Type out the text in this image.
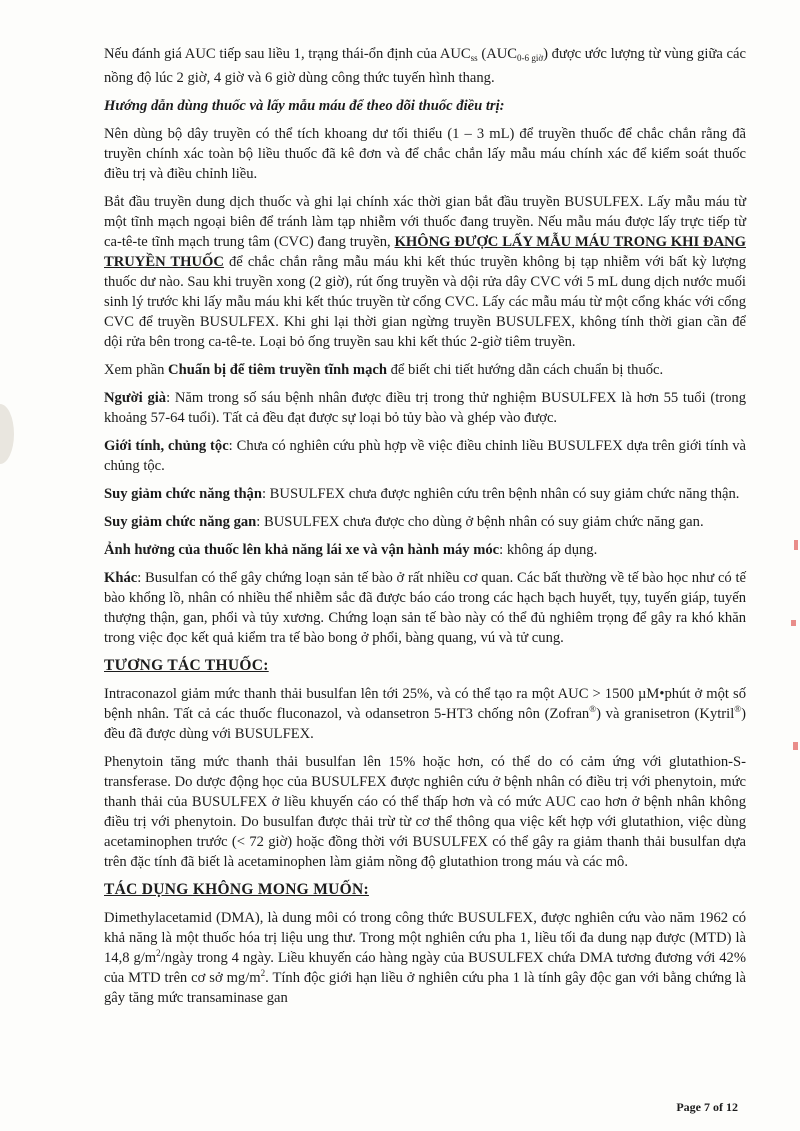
Nếu đánh giá AUC tiếp sau liều 1, trạng thái-ổn định của $AUC_{ss}$ $(AUC_{0-6 giờ})$ được ước lượng từ vùng giữa các nồng độ lúc 2 giờ, 4 giờ và 6 giờ dùng công thức tuyến hình thang.

Hướng dẫn dùng thuốc và lấy mẫu máu để theo dõi thuốc điều trị:

Nên dùng bộ dây truyền có thể tích khoang dư tối thiểu (1 – 3 mL) để truyền thuốc để chắc chắn rằng đã truyền chính xác toàn bộ liều thuốc đã kê đơn và để chắc chắn lấy mẫu máu chính xác để kiểm soát thuốc điều trị và điều chỉnh liều.

Bắt đầu truyền dung dịch thuốc và ghi lại chính xác thời gian bắt đầu truyền BUSULFEX. Lấy mẫu máu từ một tĩnh mạch ngoại biên để tránh làm tạp nhiễm với thuốc đang truyền. Nếu mẫu máu được lấy trực tiếp từ ca-tê-te tĩnh mạch trung tâm (CVC) đang truyền, KHÔNG ĐƯỢC LẤY MẪU MÁU TRONG KHI ĐANG TRUYỀN THUỐC để chắc chắn rằng mẫu máu khi kết thúc truyền không bị tạp nhiễm với bất kỳ lượng thuốc dư nào. Sau khi truyền xong (2 giờ), rút ống truyền và dội rửa dây CVC với 5 mL dung dịch nước muối sinh lý trước khi lấy mẫu máu khi kết thúc truyền từ cổng CVC. Lấy các mẫu máu từ một cổng khác với cổng CVC để truyền BUSULFEX. Khi ghi lại thời gian ngừng truyền BUSULFEX, không tính thời gian cần để dội rửa bên trong ca-tê-te. Loại bỏ ống truyền sau khi kết thúc 2-giờ tiêm truyền.

Xem phần Chuẩn bị để tiêm truyền tĩnh mạch để biết chi tiết hướng dẫn cách chuẩn bị thuốc.

Người già: Năm trong số sáu bệnh nhân được điều trị trong thử nghiệm BUSULFEX là hơn 55 tuổi (trong khoảng 57-64 tuổi). Tất cả đều đạt được sự loại bỏ tủy bào và ghép vào được.

Giới tính, chủng tộc: Chưa có nghiên cứu phù hợp về việc điều chỉnh liều BUSULFEX dựa trên giới tính và chủng tộc.

Suy giảm chức năng thận: BUSULFEX chưa được nghiên cứu trên bệnh nhân có suy giảm chức năng thận.

Suy giảm chức năng gan: BUSULFEX chưa được cho dùng ở bệnh nhân có suy giảm chức năng gan.

Ảnh hưởng của thuốc lên khả năng lái xe và vận hành máy móc: không áp dụng.

Khác: Busulfan có thể gây chứng loạn sản tế bào ở rất nhiều cơ quan. Các bất thường về tế bào học như có tế bào khổng lồ, nhân có nhiều thể nhiễm sắc đã được báo cáo trong các hạch bạch huyết, tụy, tuyến giáp, tuyến thượng thận, gan, phổi và tủy xương. Chứng loạn sản tế bào này có thể đủ nghiêm trọng để gây ra khó khăn trong việc đọc kết quả kiểm tra tế bào bong ở phổi, bàng quang, vú và tử cung.

TƯƠNG TÁC THUỐC:

Intraconazol giảm mức thanh thải busulfan lên tới 25%, và có thể tạo ra một AUC > 1500 µM•phút ở một số bệnh nhân. Tất cả các thuốc fluconazol, và odansetron 5-HT3 chống nôn (Zofran®) và granisetron (Kytril®) đều đã được dùng với BUSULFEX.

Phenytoin tăng mức thanh thải busulfan lên 15% hoặc hơn, có thể do có cảm ứng với glutathion-S-transferase. Do dược động học của BUSULFEX được nghiên cứu ở bệnh nhân có điều trị với phenytoin, mức thanh thải của BUSULFEX ở liều khuyến cáo có thể thấp hơn và có mức AUC cao hơn ở bệnh nhân không điều trị với phenytoin. Do busulfan được thải trừ từ cơ thể thông qua việc kết hợp với glutathion, việc dùng acetaminophen trước (< 72 giờ) hoặc đồng thời với BUSULFEX có thể gây ra giảm thanh thải busulfan dựa trên đặc tính đã biết là acetaminophen làm giảm nồng độ glutathion trong máu và các mô.

TÁC DỤNG KHÔNG MONG MUỐN:

Dimethylacetamid (DMA), là dung môi có trong công thức BUSULFEX, được nghiên cứu vào năm 1962 có khả năng là một thuốc hóa trị liệu ung thư. Trong một nghiên cứu pha 1, liều tối đa dung nạp được (MTD) là 14,8 $g/m^2$/ngày trong 4 ngày. Liều khuyến cáo hàng ngày của BUSULFEX chứa DMA tương đương với 42% của MTD trên cơ sở $mg/m^2$. Tính độc giới hạn liều ở nghiên cứu pha 1 là tính gây độc gan với bằng chứng là gây tăng mức transaminase gan

Page 7 of 12
